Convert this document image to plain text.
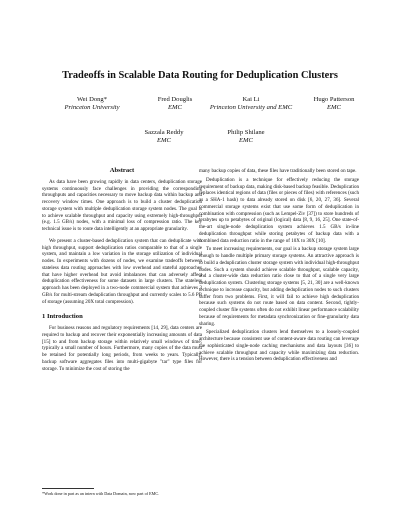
Tradeoffs in Scalable Data Routing for Deduplication Clusters
Wei Dong*
Princeton University
Fred Douglis
EMC
Kai Li
Princeton University and EMC
Hugo Patterson
EMC
Sazzala Reddy
EMC
Philip Shilane
EMC
Abstract

As data have been growing rapidly in data centers, deduplication storage systems continuously face challenges in providing the corresponding throughputs and capacities necessary to move backup data within backup and recovery window times. One approach is to build a cluster deduplication storage system with multiple deduplication storage system nodes. The goal is to achieve scalable throughput and capacity using extremely high-throughput (e.g. 1.5 GB/s) nodes, with a minimal loss of compression ratio. The key technical issue is to route data intelligently at an appropriate granularity.

We present a cluster-based deduplication system that can deduplicate with high throughput, support deduplication ratios comparable to that of a single system, and maintain a low variation in the storage utilization of individual nodes. In experiments with dozens of nodes, we examine tradeoffs between stateless data routing approaches with low overhead and stateful approaches that have higher overhead but avoid imbalances that can adversely affect deduplication effectiveness for some datasets in large clusters. The stateless approach has been deployed in a two-node commercial system that achieves 3 GB/s for multi-stream deduplication throughput and currently scales to 5.6 PB of storage (assuming 20X total compression).

1 Introduction

For business reasons and regulatory requirements [14, 29], data centers are required to backup and recover their exponentially increasing amounts of data [15] to and from backup storage within relatively small windows of time; typically a small number of hours. Furthermore, many copies of the data must be retained for potentially long periods, from weeks to years. Typically, backup software aggregates files into multi-gigabyte "tar" type files for storage. To minimize the cost of storing the

many backup copies of data, these files have traditionally been stored on tape.

Deduplication is a technique for effectively reducing the storage requirement of backup data, making disk-based backup feasible. Deduplication replaces identical regions of data (files or pieces of files) with references (such as a SHA-1 hash) to data already stored on disk [6, 20, 27, 36]. Several commercial storage systems exist that use some form of deduplication in combination with compression (such as Lempel-Ziv [37]) to store hundreds of terabytes up to petabytes of original (logical) data [8, 9, 16, 25]. One state-of-the-art single-node deduplication system achieves 1.5 GB/s in-line deduplication throughput while storing petabytes of backup data with a combined data reduction ratio in the range of 10X to 30X [10].

To meet increasing requirements, our goal is a backup storage system large enough to handle multiple primary storage systems. An attractive approach is to build a deduplication cluster storage system with individual high-throughput nodes. Such a system should achieve scalable throughput, scalable capacity, and a cluster-wide data reduction ratio close to that of a single very large deduplication system. Clustering storage systems [5, 21, 30] are a well-known technique to increase capacity, but adding deduplication nodes to such clusters suffer from two problems. First, it will fail to achieve high deduplication because such systems do not route based on data content. Second, tightly-coupled cluster file systems often do not exhibit linear performance scalability because of requirements for metadata synchronization or fine-granularity data sharing.

Specialized deduplication clusters lend themselves to a loosely-coupled architecture because consistent use of content-aware data routing can leverage the sophisticated single-node caching mechanisms and data layouts [36] to achieve scalable throughput and capacity while maximizing data reduction. However, there is a tension between deduplication effectiveness and

*Work done in part as an intern with Data Domain, now part of EMC.
